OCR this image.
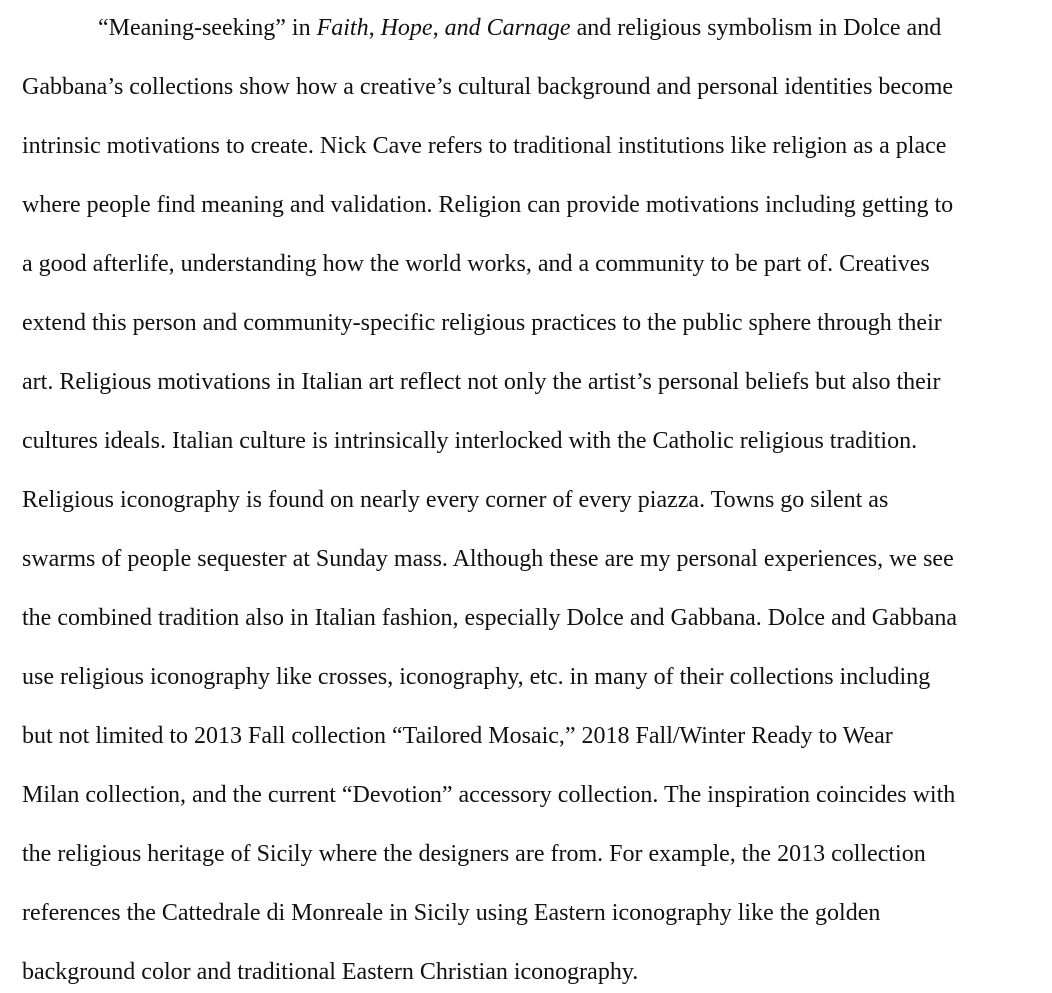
“Meaning-seeking” in Faith, Hope, and Carnage and religious symbolism in Dolce and
Gabbana’s collections show how a creative’s cultural background and personal identities become
intrinsic motivations to create. Nick Cave refers to traditional institutions like religion as a place
where people find meaning and validation. Religion can provide motivations including getting to
a good afterlife, understanding how the world works, and a community to be part of. Creatives
extend this person and community-specific religious practices to the public sphere through their
art. Religious motivations in Italian art reflect not only the artist’s personal beliefs but also their
cultures ideals. Italian culture is intrinsically interlocked with the Catholic religious tradition.
Religious iconography is found on nearly every corner of every piazza. Towns go silent as
swarms of people sequester at Sunday mass. Although these are my personal experiences, we see
the combined tradition also in Italian fashion, especially Dolce and Gabbana. Dolce and Gabbana
use religious iconography like crosses, iconography, etc. in many of their collections including
but not limited to 2013 Fall collection “Tailored Mosaic,” 2018 Fall/Winter Ready to Wear
Milan collection, and the current “Devotion” accessory collection. The inspiration coincides with
the religious heritage of Sicily where the designers are from. For example, the 2013 collection
references the Cattedrale di Monreale in Sicily using Eastern iconography like the golden
background color and traditional Eastern Christian iconography.
